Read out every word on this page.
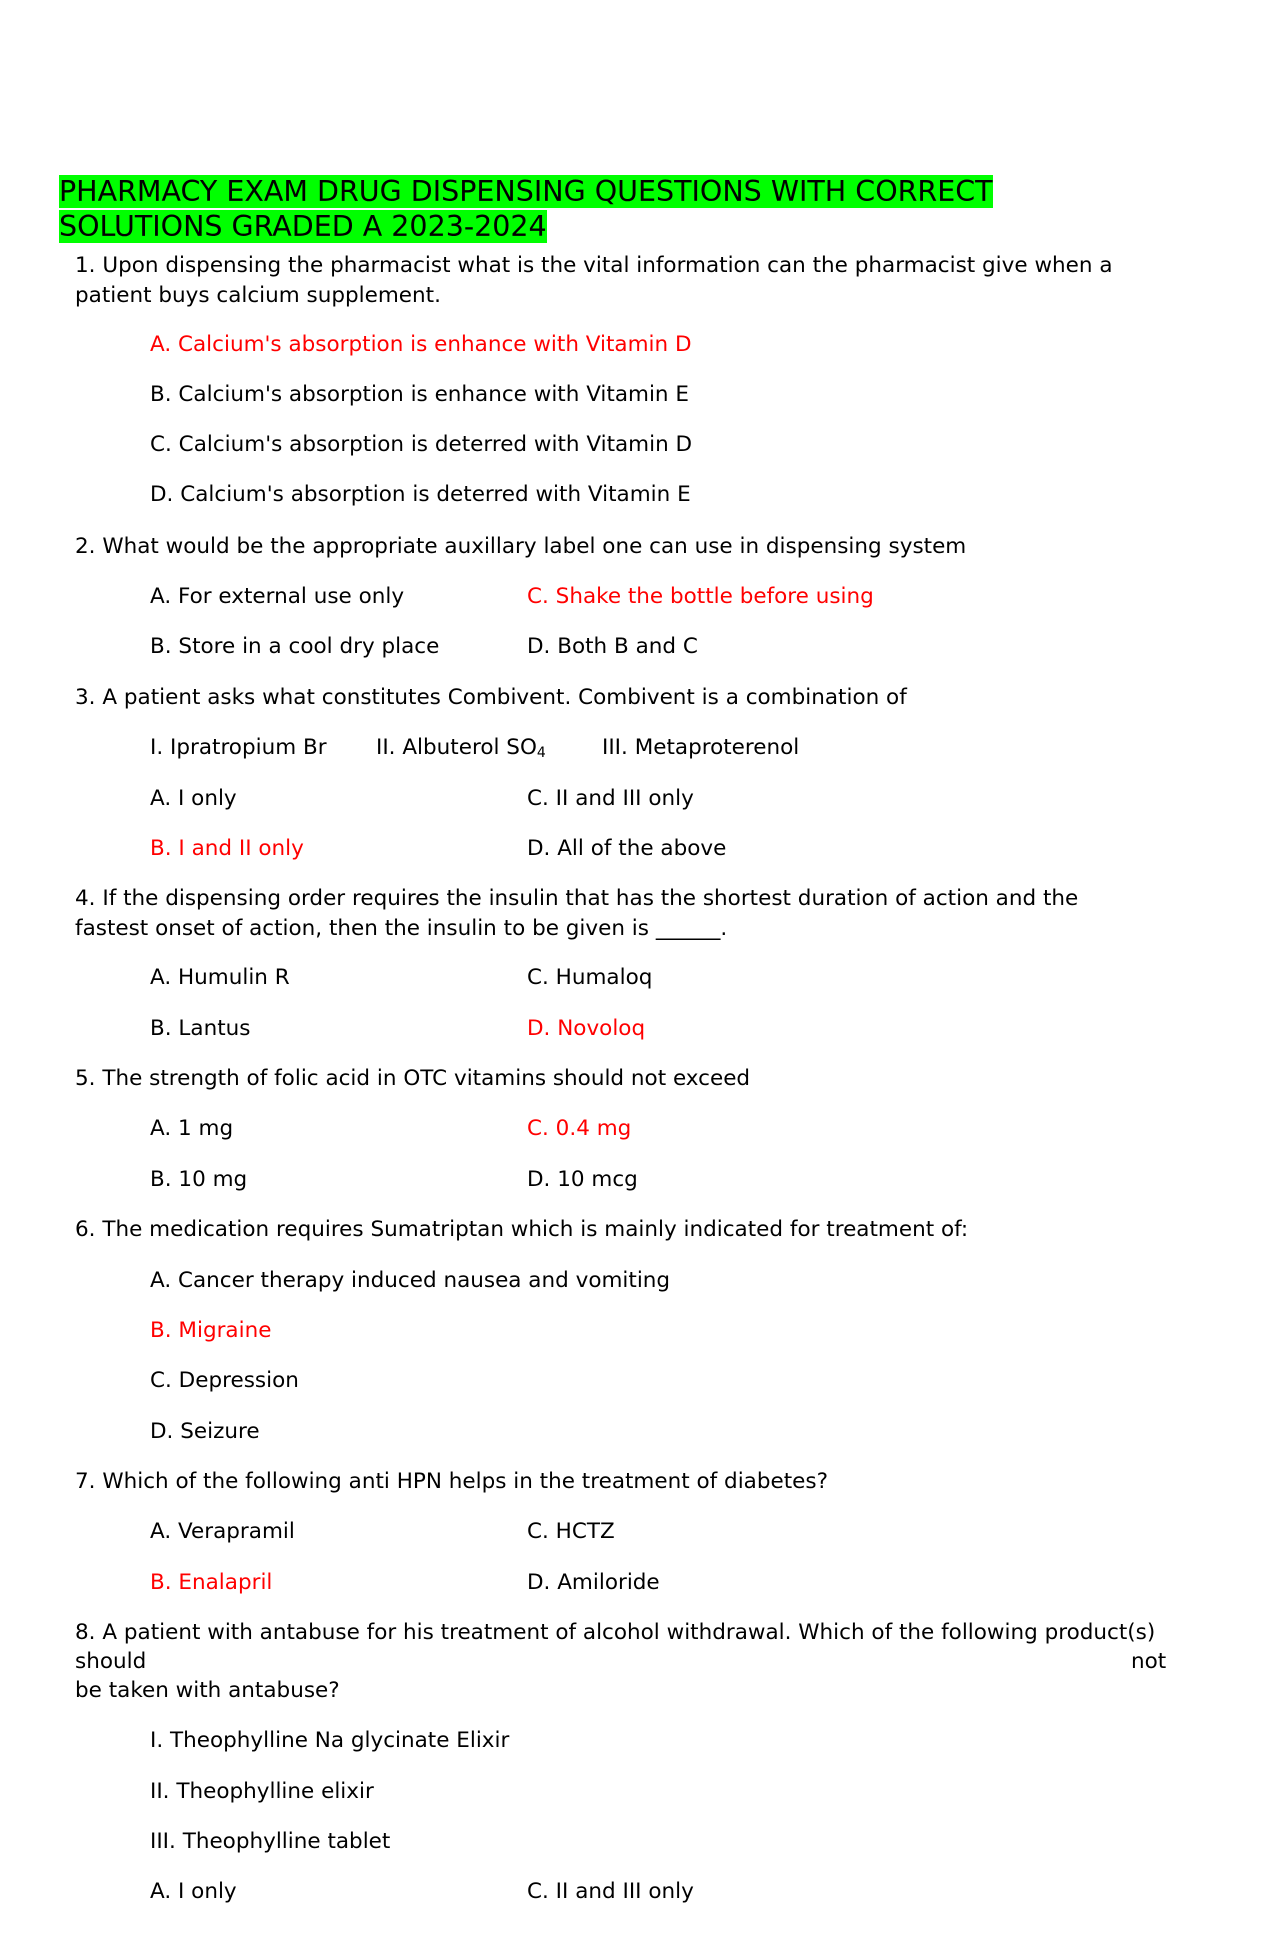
PHARMACY EXAM DRUG DISPENSING QUESTIONS WITH CORRECT SOLUTIONS GRADED A 2023-2024
1. Upon dispensing the pharmacist what is the vital information can the pharmacist give when a patient buys calcium supplement.
A. Calcium's absorption is enhance with Vitamin D
B. Calcium's absorption is enhance with Vitamin E
C. Calcium's absorption is deterred with Vitamin D
D. Calcium's absorption is deterred with Vitamin E
2. What would be the appropriate auxillary label one can use in dispensing system
A. For external use only	C. Shake the bottle before using
B. Store in a cool dry place	D. Both B and C
3. A patient asks what constitutes Combivent. Combivent is a combination of
I. Ipratropium Br II. Albuterol $SO_4$	III. Metaproterenol
A. I only	C. II and III only
B. I and II only	D. All of the above
4. If the dispensing order requires the insulin that has the shortest duration of action and the fastest onset of action, then the insulin to be given is ______.
A. Humulin R	C. Humaloq
B. Lantus	D. Novoloq
5. The strength of folic acid in OTC vitamins should not exceed
A. 1 mg	C. 0.4 mg
B. 10 mg	D. 10 mcg
6. The medication requires Sumatriptan which is mainly indicated for treatment of:
A. Cancer therapy induced nausea and vomiting
B. Migraine
C. Depression
D. Seizure
7. Which of the following anti HPN helps in the treatment of diabetes?
A. Verapramil	C. HCTZ
B. Enalapril	D. Amiloride
8. A patient with antabuse for his treatment of alcohol withdrawal. Which of the following product(s)
should	not
be taken with antabuse?
I. Theophylline Na glycinate Elixir
II. Theophylline elixir
III. Theophylline tablet
A. I only	C. II and III only
